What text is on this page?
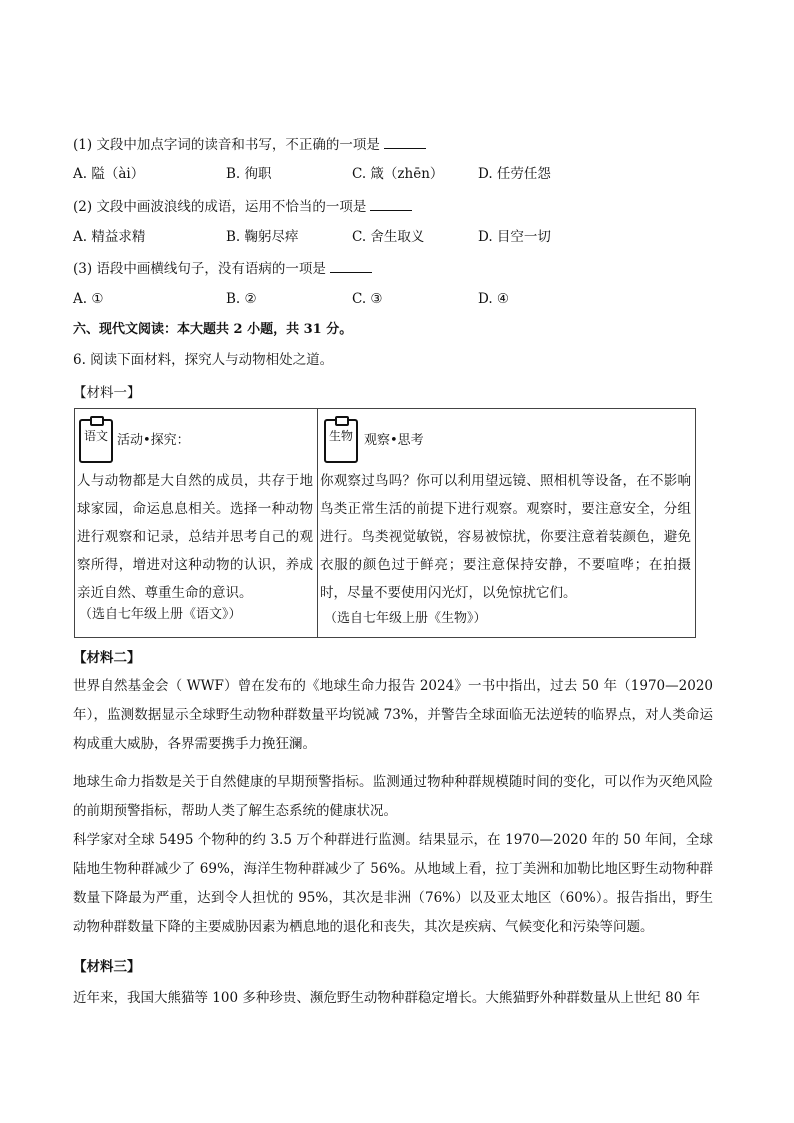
(1) 文段中加点字词的读音和书写，不正确的一项是
A. 隘（ài）	B. 徇职	C. 箴（zhēn）	D. 任劳任怨
(2) 文段中画波浪线的成语，运用不恰当的一项是
A. 精益求精	B. 鞠躬尽瘁	C. 舍生取义	D. 目空一切
(3) 语段中画横线句子，没有语病的一项是
A. ①	B. ②	C. ③	D. ④
六、现代文阅读：本大题共 2 小题，共 31 分。
6. 阅读下面材料，探究人与动物相处之道。
【材料一】
语文 活动•探究：
人与动物都是大自然的成员，共存于地球家园，命运息息相关。选择一种动物进行观察和记录，总结并思考自己的观察所得，增进对这种动物的认识，养成亲近自然、尊重生命的意识。
（选自七年级上册《语文》）
生物 观察•思考
你观察过鸟吗？你可以利用望远镜、照相机等设备，在不影响鸟类正常生活的前提下进行观察。观察时，要注意安全，分组进行。鸟类视觉敏锐，容易被惊扰，你要注意着装颜色，避免衣服的颜色过于鲜亮；要注意保持安静，不要喧哗；在拍摄时，尽量不要使用闪光灯，以免惊扰它们。
（选自七年级上册《生物》）
【材料二】
世界自然基金会（ WWF）曾在发布的《地球生命力报告 2024》一书中指出，过去 50 年（1970—2020 年），监测数据显示全球野生动物种群数量平均锐减 73%，并警告全球面临无法逆转的临界点，对人类命运构成重大威胁，各界需要携手力挽狂澜。
地球生命力指数是关于自然健康的早期预警指标。监测通过物种种群规模随时间的变化，可以作为灭绝风险的前期预警指标，帮助人类了解生态系统的健康状况。
科学家对全球 5495 个物种的约 3.5 万个种群进行监测。结果显示，在 1970—2020 年的 50 年间，全球陆地生物种群减少了 69%，海洋生物种群减少了 56%。从地域上看，拉丁美洲和加勒比地区野生动物种群数量下降最为严重，达到令人担忧的 95%，其次是非洲（76%）以及亚太地区（60%）。报告指出，野生动物种群数量下降的主要威胁因素为栖息地的退化和丧失，其次是疾病、气候变化和污染等问题。
【材料三】
近年来，我国大熊猫等 100 多种珍贵、濒危野生动物种群稳定增长。大熊猫野外种群数量从上世纪 80 年
